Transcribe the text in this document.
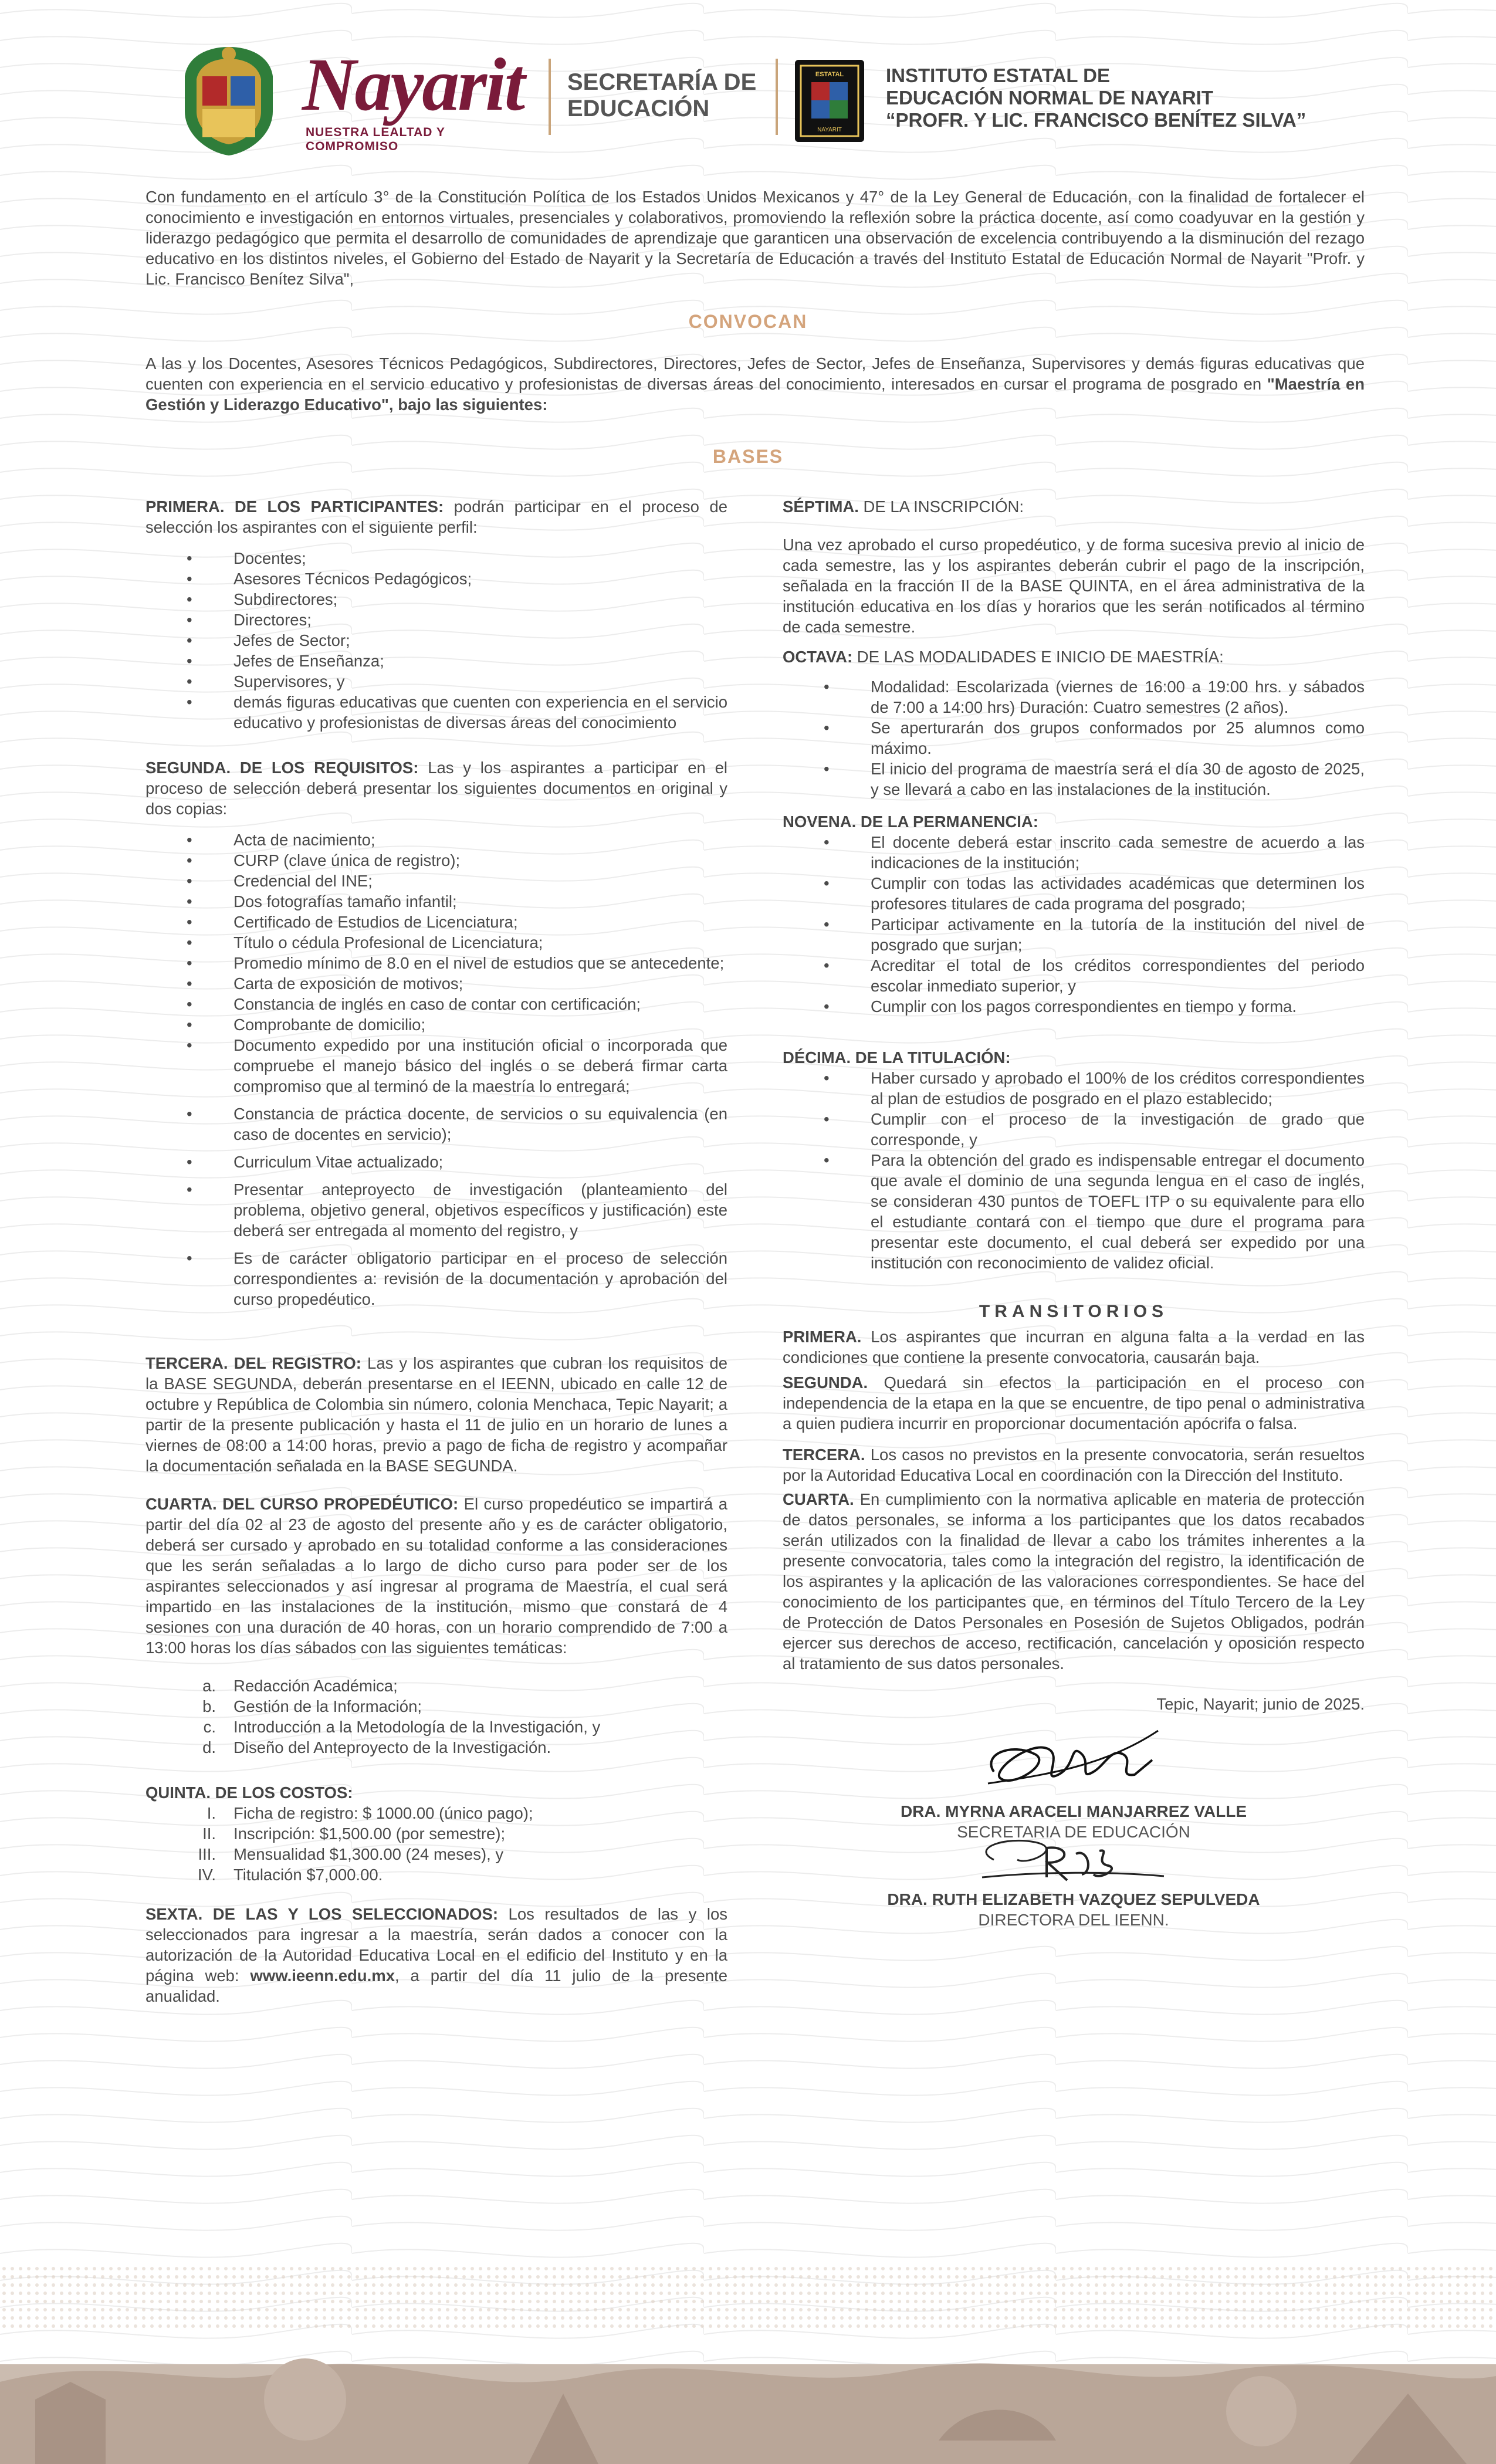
Nayarit
NUESTRA LEALTAD Y COMPROMISO
SECRETARÍA DE
EDUCACIÓN
ESTATAL
NAYARIT
INSTITUTO ESTATAL DE
EDUCACIÓN NORMAL DE NAYARIT
“PROFR. Y LIC. FRANCISCO BENÍTEZ SILVA”
Con fundamento en el artículo 3° de la Constitución Política de los Estados Unidos Mexicanos y 47° de la Ley General de Educación, con la finalidad de fortalecer el conocimiento e investigación en entornos virtuales, presenciales y colaborativos, promoviendo la reflexión sobre la práctica docente, así como coadyuvar en la gestión y liderazgo pedagógico que permita el desarrollo de comunidades de aprendizaje que garanticen una observación de excelencia contribuyendo a la disminución del rezago educativo en los distintos niveles, el Gobierno del Estado de Nayarit y la Secretaría de Educación a través del Instituto Estatal de Educación Normal de Nayarit "Profr. y Lic. Francisco Benítez Silva",
CONVOCAN
A las y los Docentes, Asesores Técnicos Pedagógicos, Subdirectores, Directores, Jefes de Sector, Jefes de Enseñanza, Supervisores y demás figuras educativas que cuenten con experiencia en el servicio educativo y profesionistas de diversas áreas del conocimiento, interesados en cursar el programa de posgrado en "Maestría en Gestión y Liderazgo Educativo", bajo las siguientes:
BASES

PRIMERA. DE LOS PARTICIPANTES: podrán participar en el proceso de selección los aspirantes con el siguiente perfil:

• Docentes;
• Asesores Técnicos Pedagógicos;
• Subdirectores;
• Directores;
• Jefes de Sector;
• Jefes de Enseñanza;
• Supervisores, y
• demás figuras educativas que cuenten con experiencia en el servicio educativo y profesionistas de diversas áreas del conocimiento

SEGUNDA. DE LOS REQUISITOS: Las y los aspirantes a participar en el proceso de selección deberá presentar los siguientes documentos en original y dos copias:

• Acta de nacimiento;
• CURP (clave única de registro);
• Credencial del INE;
• Dos fotografías tamaño infantil;
• Certificado de Estudios de Licenciatura;
• Título o cédula Profesional de Licenciatura;
• Promedio mínimo de 8.0 en el nivel de estudios que se antecedente;
• Carta de exposición de motivos;
• Constancia de inglés en caso de contar con certificación;
• Comprobante de domicilio;
• Documento expedido por una institución oficial o incorporada que compruebe el manejo básico del inglés o se deberá firmar carta compromiso que al terminó de la maestría lo entregará;
• Constancia de práctica docente, de servicios o su equivalencia (en caso de docentes en servicio);
• Curriculum Vitae actualizado;
• Presentar anteproyecto de investigación (planteamiento del problema, objetivo general, objetivos específicos y justificación) este deberá ser entregada al momento del registro, y
• Es de carácter obligatorio participar en el proceso de selección correspondientes a: revisión de la documentación y aprobación del curso propedéutico.

TERCERA. DEL REGISTRO: Las y los aspirantes que cubran los requisitos de la BASE SEGUNDA, deberán presentarse en el IEENN, ubicado en calle 12 de octubre y República de Colombia sin número, colonia Menchaca, Tepic Nayarit; a partir de la presente publicación y hasta el 11 de julio en un horario de lunes a viernes de 08:00 a 14:00 horas, previo a pago de ficha de registro y acompañar la documentación señalada en la BASE SEGUNDA.

CUARTA. DEL CURSO PROPEDÉUTICO: El curso propedéutico se impartirá a partir del día 02 al 23 de agosto del presente año y es de carácter obligatorio, deberá ser cursado y aprobado en su totalidad conforme a las consideraciones que les serán señaladas a lo largo de dicho curso para poder ser de los aspirantes seleccionados y así ingresar al programa de Maestría, el cual será impartido en las instalaciones de la institución, mismo que constará de 4 sesiones con una duración de 40 horas, con un horario comprendido de 7:00 a 13:00 horas los días sábados con las siguientes temáticas:

a. Redacción Académica;
b. Gestión de la Información;
c. Introducción a la Metodología de la Investigación, y
d. Diseño del Anteproyecto de la Investigación.

QUINTA. DE LOS COSTOS:

I. Ficha de registro: $ 1000.00 (único pago);
II. Inscripción: $1,500.00 (por semestre);
III. Mensualidad $1,300.00 (24 meses), y
IV. Titulación $7,000.00.

SEXTA. DE LAS Y LOS SELECCIONADOS: Los resultados de las y los seleccionados para ingresar a la maestría, serán dados a conocer con la autorización de la Autoridad Educativa Local en el edificio del Instituto y en la página web: www.ieenn.edu.mx, a partir del día 11 julio de la presente anualidad.

SÉPTIMA. DE LA INSCRIPCIÓN:

Una vez aprobado el curso propedéutico, y de forma sucesiva previo al inicio de cada semestre, las y los aspirantes deberán cubrir el pago de la inscripción, señalada en la fracción II de la BASE QUINTA, en el área administrativa de la institución educativa en los días y horarios que les serán notificados al término de cada semestre.

OCTAVA: DE LAS MODALIDADES E INICIO DE MAESTRÍA:

• Modalidad: Escolarizada (viernes de 16:00 a 19:00 hrs. y sábados de 7:00 a 14:00 hrs) Duración: Cuatro semestres (2 años).
• Se aperturarán dos grupos conformados por 25 alumnos como máximo.
• El inicio del programa de maestría será el día 30 de agosto de 2025, y se llevará a cabo en las instalaciones de la institución.

NOVENA. DE LA PERMANENCIA:

• El docente deberá estar inscrito cada semestre de acuerdo a las indicaciones de la institución;
• Cumplir con todas las actividades académicas que determinen los profesores titulares de cada programa del posgrado;
• Participar activamente en la tutoría de la institución del nivel de posgrado que surjan;
• Acreditar el total de los créditos correspondientes del periodo escolar inmediato superior, y
• Cumplir con los pagos correspondientes en tiempo y forma.

DÉCIMA. DE LA TITULACIÓN:

• Haber cursado y aprobado el 100% de los créditos correspondientes al plan de estudios de posgrado en el plazo establecido;
• Cumplir con el proceso de la investigación de grado que corresponde, y
• Para la obtención del grado es indispensable entregar el documento que avale el dominio de una segunda lengua en el caso de inglés, se consideran 430 puntos de TOEFL ITP o su equivalente para ello el estudiante contará con el tiempo que dure el programa para presentar este documento, el cual deberá ser expedido por una institución con reconocimiento de validez oficial.
TRANSITORIOS

PRIMERA. Los aspirantes que incurran en alguna falta a la verdad en las condiciones que contiene la presente convocatoria, causarán baja.

SEGUNDA. Quedará sin efectos la participación en el proceso con independencia de la etapa en la que se encuentre, de tipo penal o administrativa a quien pudiera incurrir en proporcionar documentación apócrifa o falsa.

TERCERA. Los casos no previstos en la presente convocatoria, serán resueltos por la Autoridad Educativa Local en coordinación con la Dirección del Instituto.

CUARTA. En cumplimiento con la normativa aplicable en materia de protección de datos personales, se informa a los participantes que los datos recabados serán utilizados con la finalidad de llevar a cabo los trámites inherentes a la presente convocatoria, tales como la integración del registro, la identificación de los aspirantes y la aplicación de las valoraciones correspondientes. Se hace del conocimiento de los participantes que, en términos del Título Tercero de la Ley de Protección de Datos Personales en Posesión de Sujetos Obligados, podrán ejercer sus derechos de acceso, rectificación, cancelación y oposición respecto al tratamiento de sus datos personales.

Tepic, Nayarit; junio de 2025.

DRA. MYRNA ARACELI MANJARREZ VALLE
SECRETARIA DE EDUCACIÓN
DRA. RUTH ELIZABETH VAZQUEZ SEPULVEDA
DIRECTORA DEL IEENN.
